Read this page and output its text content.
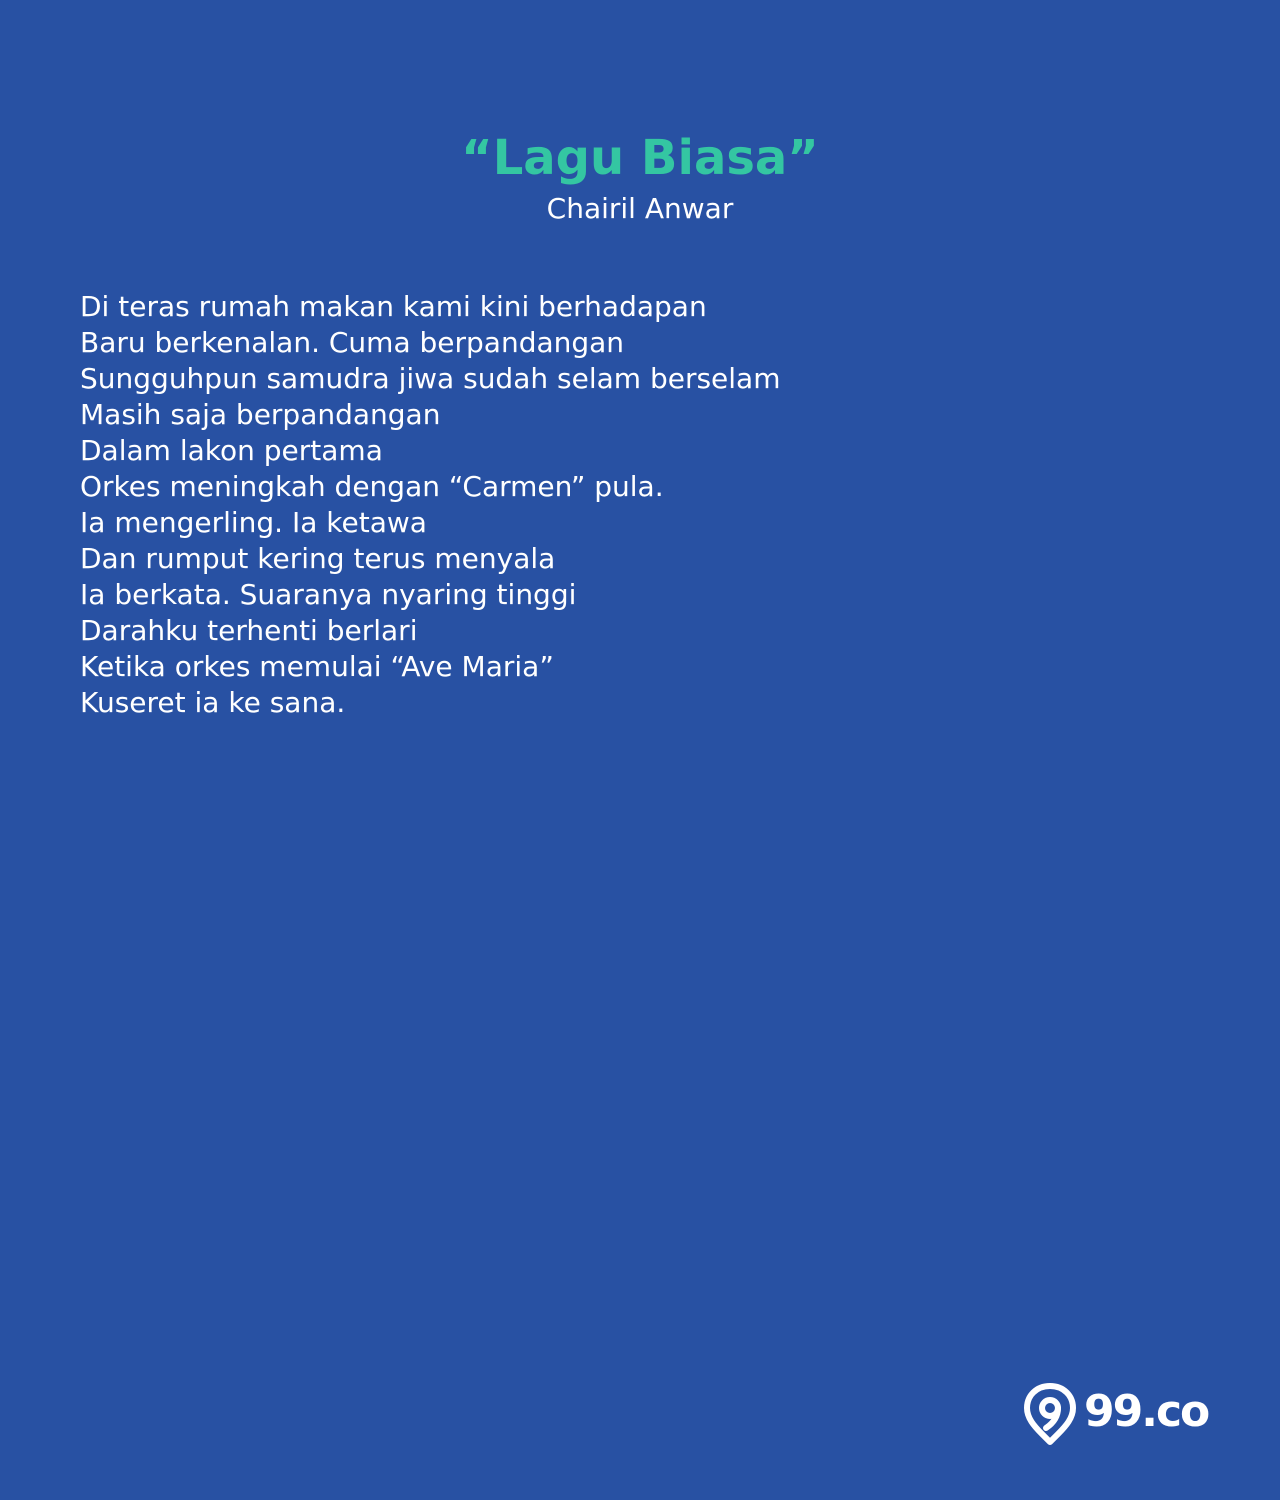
“Lagu Biasa”
Chairil Anwar
Di teras rumah makan kami kini berhadapan
Baru berkenalan. Cuma berpandangan
Sungguhpun samudra jiwa sudah selam berselam
Masih saja berpandangan
Dalam lakon pertama
Orkes meningkah dengan “Carmen” pula.
Ia mengerling. Ia ketawa
Dan rumput kering terus menyala
Ia berkata. Suaranya nyaring tinggi
Darahku terhenti berlari
Ketika orkes memulai “Ave Maria”
Kuseret ia ke sana.
99.co
